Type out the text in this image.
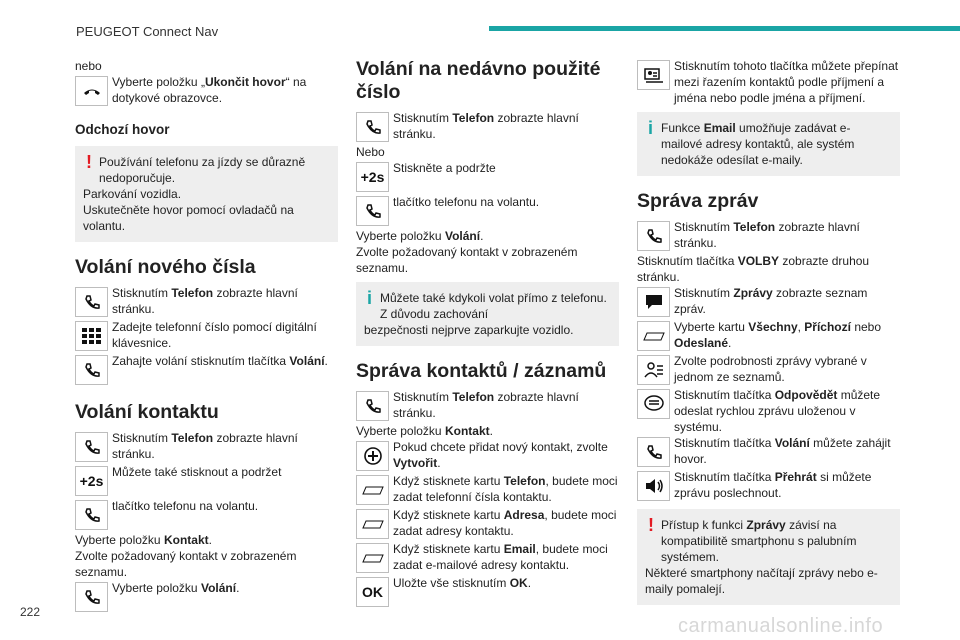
PEUGEOT Connect Nav

nebo

Vyberte položku „Ukončit hovor“ na dotykové obrazovce.
Odchozí hovor
! Používání telefonu za jízdy se důrazně nedoporučuje.
Parkování vozidla.
Uskutečněte hovor pomocí ovladačů na volantu.
Volání nového čísla
Stisknutím Telefon zobrazte hlavní stránku.
Zadejte telefonní číslo pomocí digitální klávesnice.
Zahajte volání stisknutím tlačítka Volání.
Volání kontaktu
Stisknutím Telefon zobrazte hlavní stránku.
+2s
Můžete také stisknout a podržet
tlačítko telefonu na volantu.

Vyberte položku Kontakt.

Zvolte požadovaný kontakt v zobrazeném seznamu.

Vyberte položku Volání.
Volání na nedávno použité číslo
Stisknutím Telefon zobrazte hlavní stránku.

Nebo

+2s
Stiskněte a podržte
tlačítko telefonu na volantu.

Vyberte položku Volání.

Zvolte požadovaný kontakt v zobrazeném seznamu.

i Můžete také kdykoli volat přímo z telefonu. Z důvodu zachování
bezpečnosti nejprve zaparkujte vozidlo.
Správa kontaktů / záznamů
Stisknutím Telefon zobrazte hlavní stránku.

Vyberte položku Kontakt.

Pokud chcete přidat nový kontakt, zvolte Vytvořit.
Když stisknete kartu Telefon, budete moci zadat telefonní čísla kontaktu.
Když stisknete kartu Adresa, budete moci zadat adresy kontaktu.
Když stisknete kartu Email, budete moci zadat e-mailové adresy kontaktu.
OK
Uložte vše stisknutím OK.
Stisknutím tohoto tlačítka můžete přepínat mezi řazením kontaktů podle příjmení a jména nebo podle jména a příjmení.
i Funkce Email umožňuje zadávat e-mailové adresy kontaktů, ale systém nedokáže odesílat e-maily.
Správa zpráv
Stisknutím Telefon zobrazte hlavní stránku.

Stisknutím tlačítka VOLBY zobrazte druhou stránku.

Stisknutím Zprávy zobrazte seznam zpráv.
Vyberte kartu Všechny, Příchozí nebo Odeslané.
Zvolte podrobnosti zprávy vybrané v jednom ze seznamů.
Stisknutím tlačítka Odpovědět můžete odeslat rychlou zprávu uloženou v systému.
Stisknutím tlačítka Volání můžete zahájit hovor.
Stisknutím tlačítka Přehrát si můžete zprávu poslechnout.
! Přístup k funkci Zprávy závisí na kompatibilitě smartphonu s palubním systémem.
Některé smartphony načítají zprávy nebo e-maily pomalejí.
222
carmanualsonline.info
